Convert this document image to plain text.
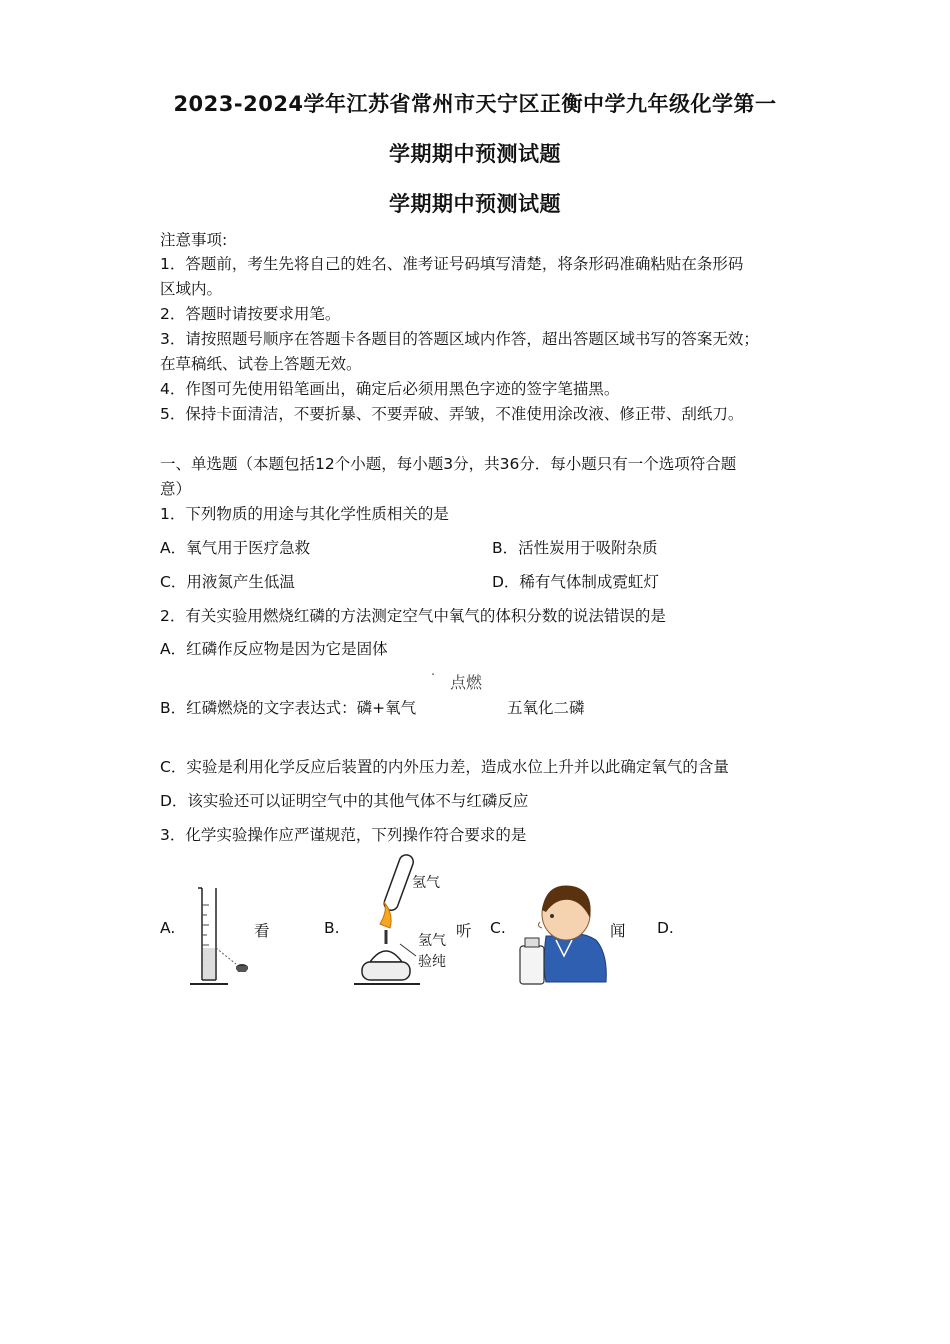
2023-2024学年江苏省常州市天宁区正衡中学九年级化学第一
学期期中预测试题
学期期中预测试题
注意事项:
1．答题前，考生先将自己的姓名、准考证号码填写清楚，将条形码准确粘贴在条形码
区域内。
2．答题时请按要求用笔。
3．请按照题号顺序在答题卡各题目的答题区域内作答，超出答题区域书写的答案无效；
在草稿纸、试卷上答题无效。
4．作图可先使用铅笔画出，确定后必须用黑色字迹的签字笔描黑。
5．保持卡面清洁，不要折暴、不要弄破、弄皱，不准使用涂改液、修正带、刮纸刀。
一、单选题（本题包括12个小题，每小题3分，共36分．每小题只有一个选项符合题
意）
1．下列物质的用途与其化学性质相关的是
A．氧气用于医疗急救	B．活性炭用于吸附杂质
C．用液氮产生低温	D．稀有气体制成霓虹灯
2．有关实验用燃烧红磷的方法测定空气中氧气的体积分数的说法错误的是
A．红磷作反应物是因为它是固体
· 点燃
B．红磷燃烧的文字表达式：磷+氧气	五氧化二磷
C．实验是利用化学反应后装置的内外压力差，造成水位上升并以此确定氧气的含量
D．该实验还可以证明空气中的其他气体不与红磷反应
3．化学实验操作应严谨规范，下列操作符合要求的是
A.	看	B.
氢气
氢气
验纯
听 C.	闻 D.
